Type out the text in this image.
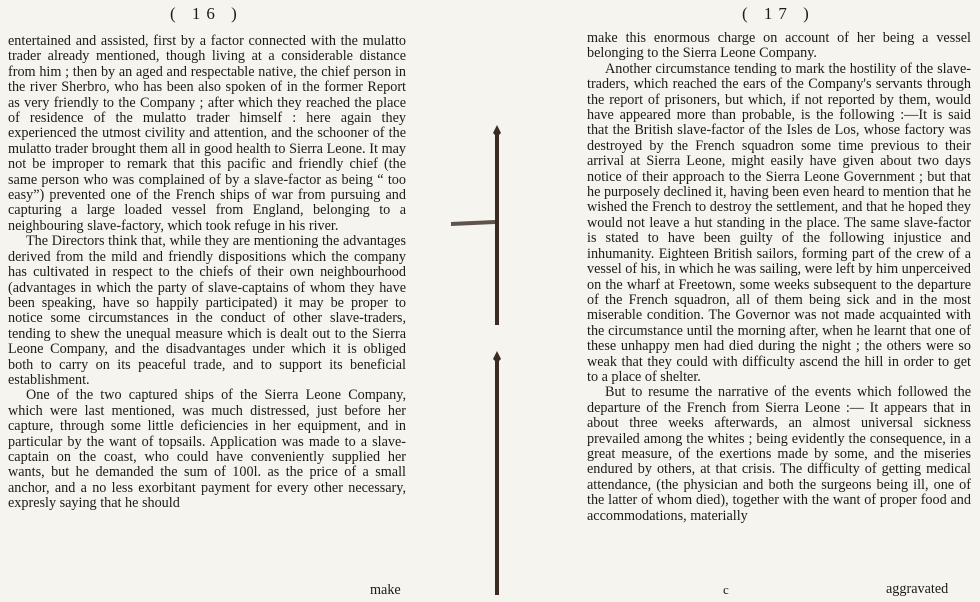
( 16 )

entertained and assisted, first by a factor connected with the mulatto trader already mentioned, though living at a considerable distance from him ; then by an aged and respectable native, the chief person in the river Sherbro, who has been also spoken of in the former Report as very friendly to the Company ; after which they reached the place of residence of the mulatto trader himself : here again they experienced the utmost civility and attention, and the schooner of the mulatto trader brought them all in good health to Sierra Leone. It may not be improper to remark that this pacific and friendly chief (the same person who was complained of by a slave-factor as being “ too easy”) prevented one of the French ships of war from pursuing and capturing a large loaded vessel from England, belonging to a neighbouring slave-factory, which took refuge in his river.

The Directors think that, while they are mentioning the advantages derived from the mild and friendly dispositions which the company has cultivated in respect to the chiefs of their own neighbourhood (advantages in which the party of slave-captains of whom they have been speaking, have so happily participated) it may be proper to notice some circumstances in the conduct of other slave-traders, tending to shew the unequal measure which is dealt out to the Sierra Leone Company, and the disadvantages under which it is obliged both to carry on its peaceful trade, and to support its beneficial establishment.

One of the two captured ships of the Sierra Leone Company, which were last mentioned, was much distressed, just before her capture, through some little deficiencies in her equipment, and in particular by the want of topsails. Application was made to a slave-captain on the coast, who could have conveniently supplied her wants, but he demanded the sum of 100l. as the price of a small anchor, and a no less exorbitant payment for every other necessary, expresly saying that he should

make
( 17 )

make this enormous charge on account of her being a vessel belonging to the Sierra Leone Company.

Another circumstance tending to mark the hostility of the slave-traders, which reached the ears of the Company's servants through the report of prisoners, but which, if not reported by them, would have appeared more than probable, is the following :—It is said that the British slave-factor of the Isles de Los, whose factory was destroyed by the French squadron some time previous to their arrival at Sierra Leone, might easily have given about two days notice of their approach to the Sierra Leone Government ; but that he purposely declined it, having been even heard to mention that he wished the French to destroy the settlement, and that he hoped they would not leave a hut standing in the place. The same slave-factor is stated to have been guilty of the following injustice and inhumanity. Eighteen British sailors, forming part of the crew of a vessel of his, in which he was sailing, were left by him unperceived on the wharf at Freetown, some weeks subsequent to the departure of the French squadron, all of them being sick and in the most miserable condition. The Governor was not made acquainted with the circumstance until the morning after, when he learnt that one of these unhappy men had died during the night ; the others were so weak that they could with difficulty ascend the hill in order to get to a place of shelter.

But to resume the narrative of the events which followed the departure of the French from Sierra Leone :— It appears that in about three weeks afterwards, an almost universal sickness prevailed among the whites ; being evidently the consequence, in a great measure, of the exertions made by some, and the miseries endured by others, at that crisis. The difficulty of getting medical attendance, (the physician and both the surgeons being ill, one of the latter of whom died), together with the want of proper food and accommodations, materially

c	aggravated
